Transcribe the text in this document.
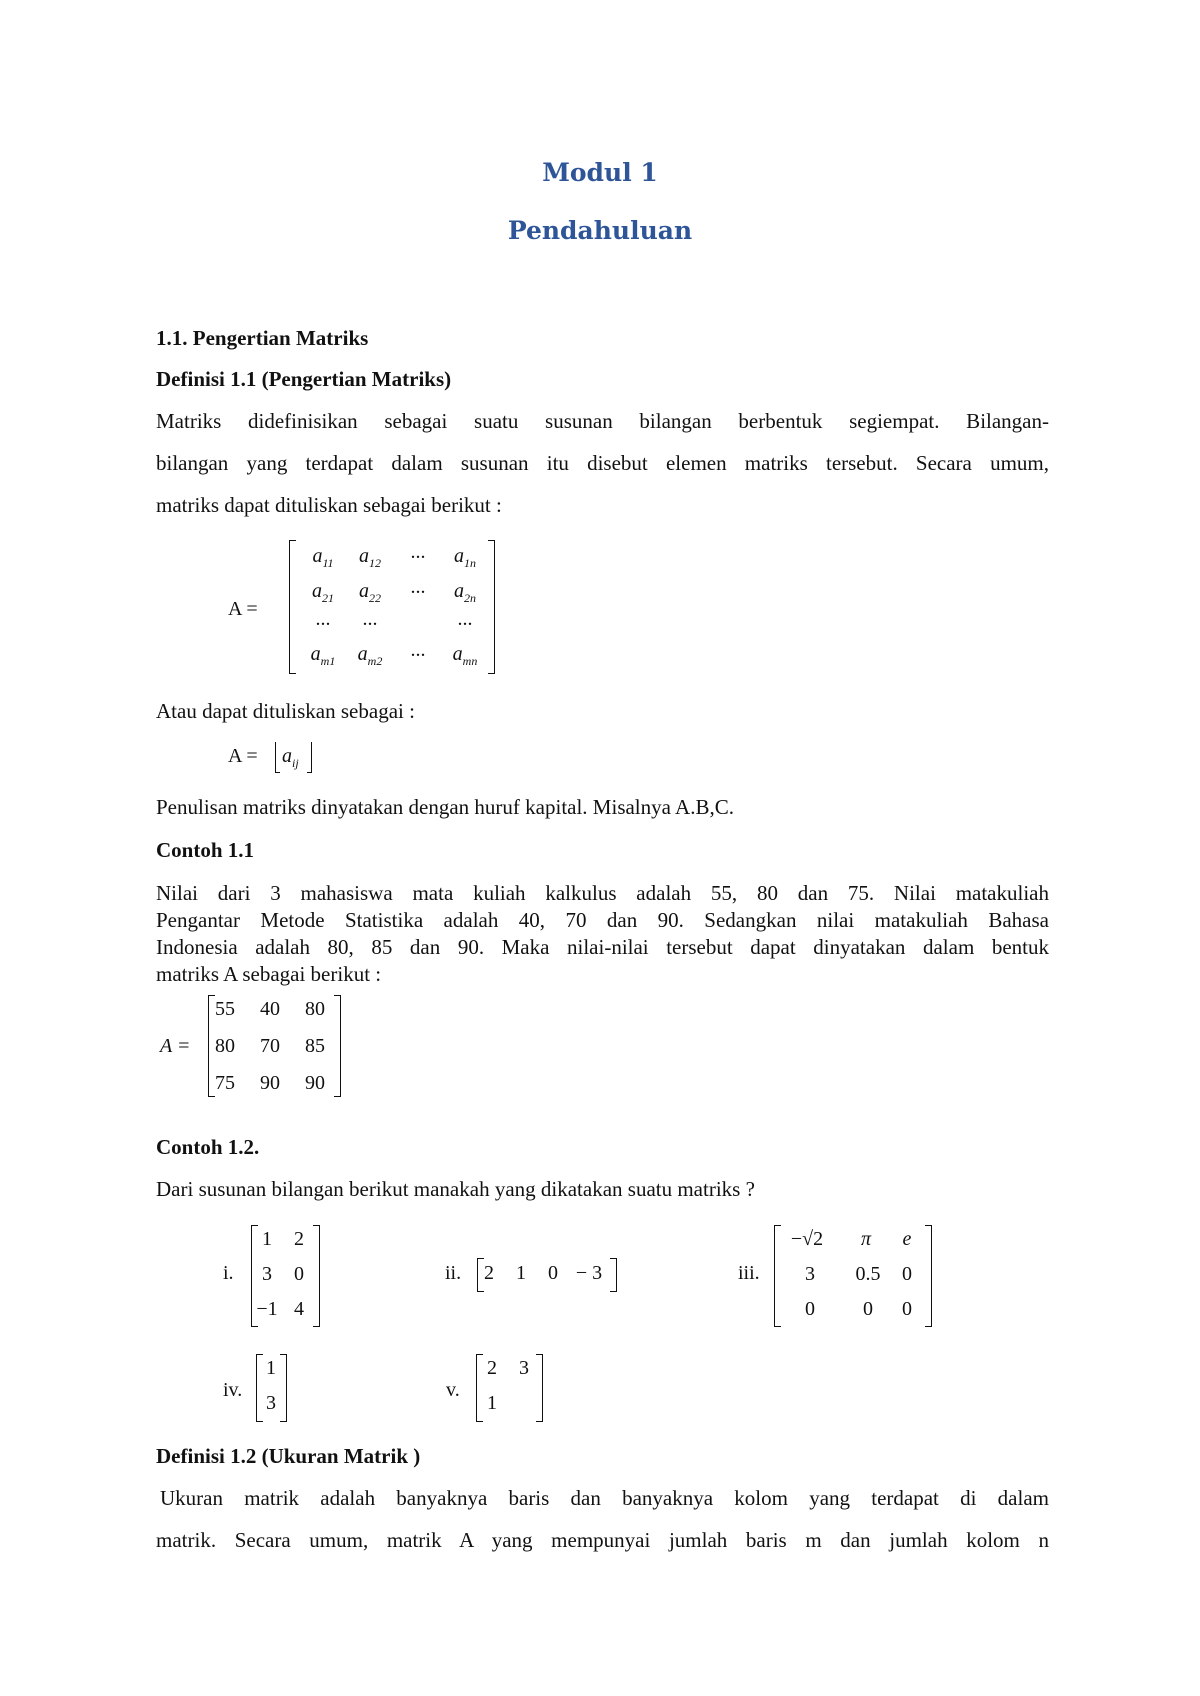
Modul 1
Pendahuluan
1.1. Pengertian Matriks
Definisi 1.1 (Pengertian Matriks)
Matriks didefinisikan sebagai suatu susunan bilangan berbentuk segiempat. Bilangan-
bilangan yang terdapat dalam susunan itu disebut elemen matriks tersebut. Secara umum,
matriks dapat dituliskan sebagai berikut :
A =
$a_{11}$	$a_{12}$	...	$a_{1n}$
$a_{21}$	$a_{22}$	...	$a_{2n}$
...	...	...
$a_{m1}$	$a_{m2}$	...	$a_{mn}$
Atau dapat dituliskan sebagai :
$A = a_{ij}$
Penulisan matriks dinyatakan dengan huruf kapital. Misalnya A.B,C.
Contoh 1.1
Nilai dari 3 mahasiswa mata kuliah kalkulus adalah 55, 80 dan 75. Nilai matakuliah
Pengantar Metode Statistika adalah 40, 70 dan 90. Sedangkan nilai matakuliah Bahasa
Indonesia adalah 80, 85 dan 90. Maka nilai-nilai tersebut dapat dinyatakan dalam bentuk
matriks A sebagai berikut :
A =
55	40	80
80	70	85
75	90	90
Contoh 1.2.
Dari susunan bilangan berikut manakah yang dikatakan suatu matriks ?
i.
1	2
3	0
−1 4
ii.	2	1	0 − 3	iii.
−√2	π	e
3	0.5	0
0	0	0
iv.
1
3
v.
2	3
1
Definisi 1.2 (Ukuran Matrik )
Ukuran matrik adalah banyaknya baris dan banyaknya kolom yang terdapat di dalam
matrik. Secara umum, matrik A yang mempunyai jumlah baris m dan jumlah kolom n
